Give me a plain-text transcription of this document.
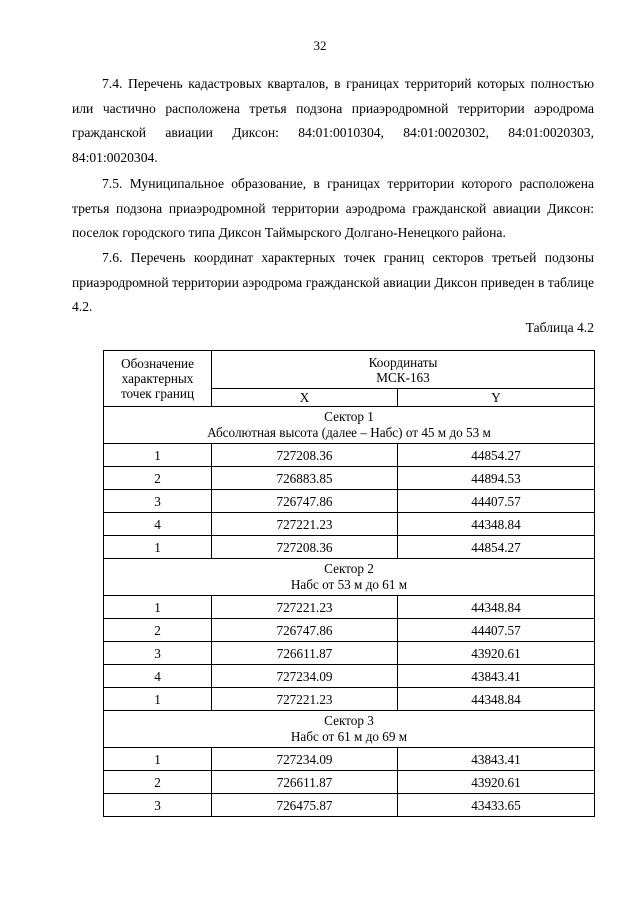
32

7.4. Перечень кадастровых кварталов, в границах территорий которых полностью или частично расположена третья подзона приаэродромной территории аэродрома гражданской авиации Диксон: 84:01:0010304, 84:01:0020302, 84:01:0020303, 84:01:0020304.

7.5. Муниципальное образование, в границах территории которого расположена третья подзона приаэродромной территории аэродрома гражданской авиации Диксон: поселок городского типа Диксон Таймырского Долгано-Ненецкого района.

7.6. Перечень координат характерных точек границ секторов третьей подзоны приаэродромной территории аэродрома гражданской авиации Диксон приведен в таблице 4.2.

Таблица 4.2
Обозначение
характерных
точек границ	Координаты
МСК-163	
	X	Y
Сектор 1
Абсолютная высота (далее – Набс) от 45 м до 53 м		
1	727208.36	44854.27
2	726883.85	44894.53
3	726747.86	44407.57
4	727221.23	44348.84
1	727208.36	44854.27
Сектор 2
Набс от 53 м до 61 м		
1	727221.23	44348.84
2	726747.86	44407.57
3	726611.87	43920.61
4	727234.09	43843.41
1	727221.23	44348.84
Сектор 3
Набс от 61 м до 69 м		
1	727234.09	43843.41
2	726611.87	43920.61
3	726475.87	43433.65
